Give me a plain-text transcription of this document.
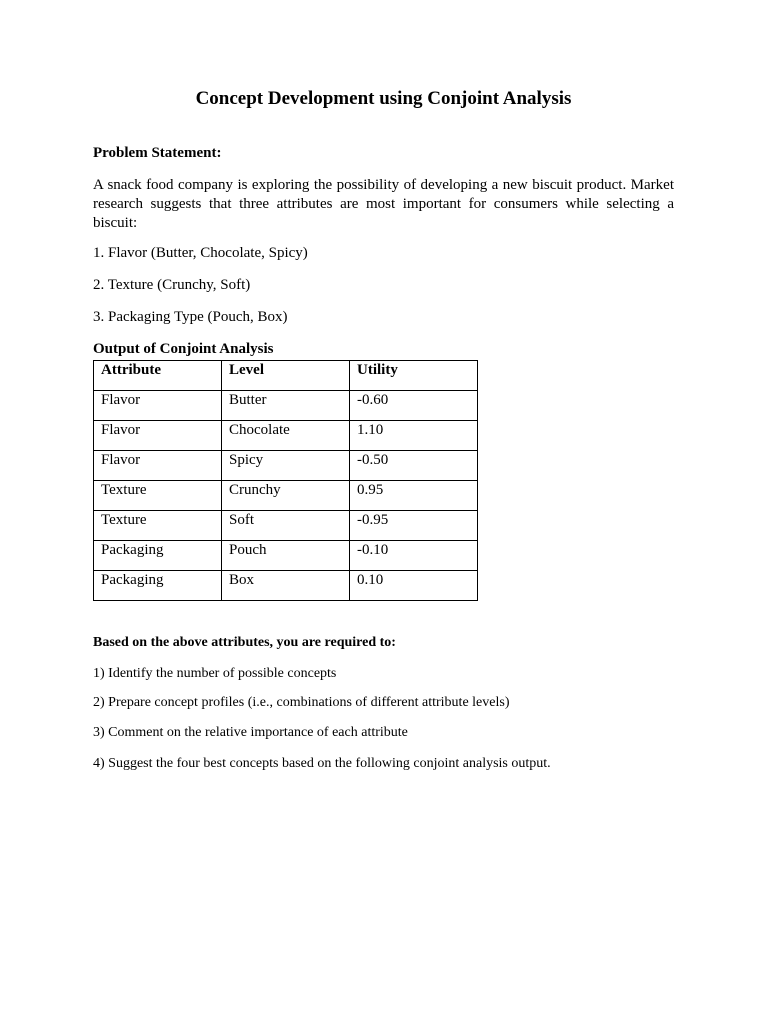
Concept Development using Conjoint Analysis
Problem Statement:
A snack food company is exploring the possibility of developing a new biscuit product. Market research suggests that three attributes are most important for consumers while selecting a biscuit:
1. Flavor (Butter, Chocolate, Spicy)
2. Texture (Crunchy, Soft)
3. Packaging Type (Pouch, Box)
Output of Conjoint Analysis
Attribute	Level	Utility
Flavor	Butter	-0.60
Flavor	Chocolate	1.10
Flavor	Spicy	-0.50
Texture	Crunchy	0.95
Texture	Soft	-0.95
Packaging	Pouch	-0.10
Packaging	Box	0.10
Based on the above attributes, you are required to:
1) Identify the number of possible concepts
2) Prepare concept profiles (i.e., combinations of different attribute levels)
3) Comment on the relative importance of each attribute
4) Suggest the four best concepts based on the following conjoint analysis output.
